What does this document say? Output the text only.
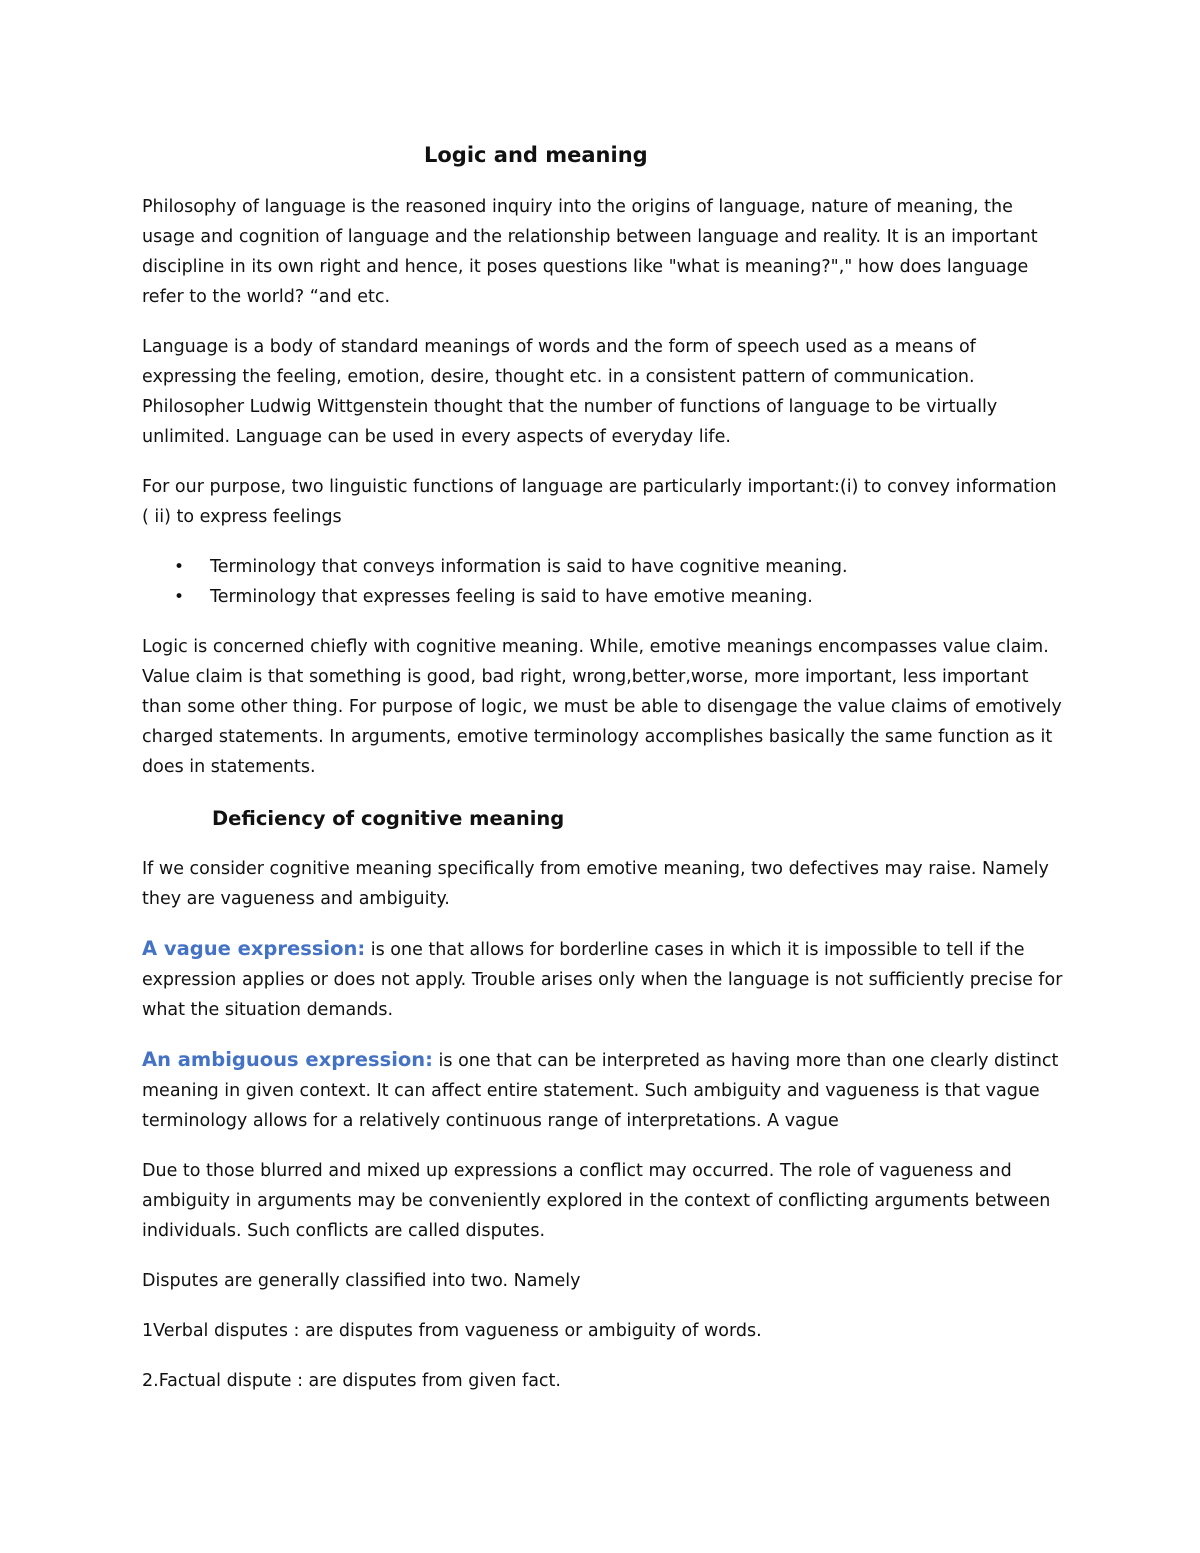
Logic and meaning

Philosophy of language is the reasoned inquiry into the origins of language, nature of meaning, the
usage and cognition of language and the relationship between language and reality. It is an important
discipline in its own right and hence, it poses questions like "what is meaning?"," how does language
refer to the world? “and etc.

Language is a body of standard meanings of words and the form of speech used as a means of
expressing the feeling, emotion, desire, thought etc. in a consistent pattern of communication.
Philosopher Ludwig Wittgenstein thought that the number of functions of language to be virtually
unlimited. Language can be used in every aspects of everyday life.

For our purpose, two linguistic functions of language are particularly important:(i) to convey information
( ii) to express feelings

• Terminology that conveys information is said to have cognitive meaning.
• Terminology that expresses feeling is said to have emotive meaning.

Logic is concerned chiefly with cognitive meaning. While, emotive meanings encompasses value claim.
Value claim is that something is good, bad right, wrong,better,worse, more important, less important
than some other thing. For purpose of logic, we must be able to disengage the value claims of emotively
charged statements. In arguments, emotive terminology accomplishes basically the same function as it
does in statements.

Deficiency of cognitive meaning

If we consider cognitive meaning specifically from emotive meaning, two defectives may raise. Namely
they are vagueness and ambiguity.

A vague expression: is one that allows for borderline cases in which it is impossible to tell if the
expression applies or does not apply. Trouble arises only when the language is not sufficiently precise for
what the situation demands.

An ambiguous expression: is one that can be interpreted as having more than one clearly distinct
meaning in given context. It can affect entire statement. Such ambiguity and vagueness is that vague
terminology allows for a relatively continuous range of interpretations. A vague

Due to those blurred and mixed up expressions a conflict may occurred. The role of vagueness and
ambiguity in arguments may be conveniently explored in the context of conflicting arguments between
individuals. Such conflicts are called disputes.

Disputes are generally classified into two. Namely

1Verbal disputes : are disputes from vagueness or ambiguity of words.

2.Factual dispute : are disputes from given fact.
